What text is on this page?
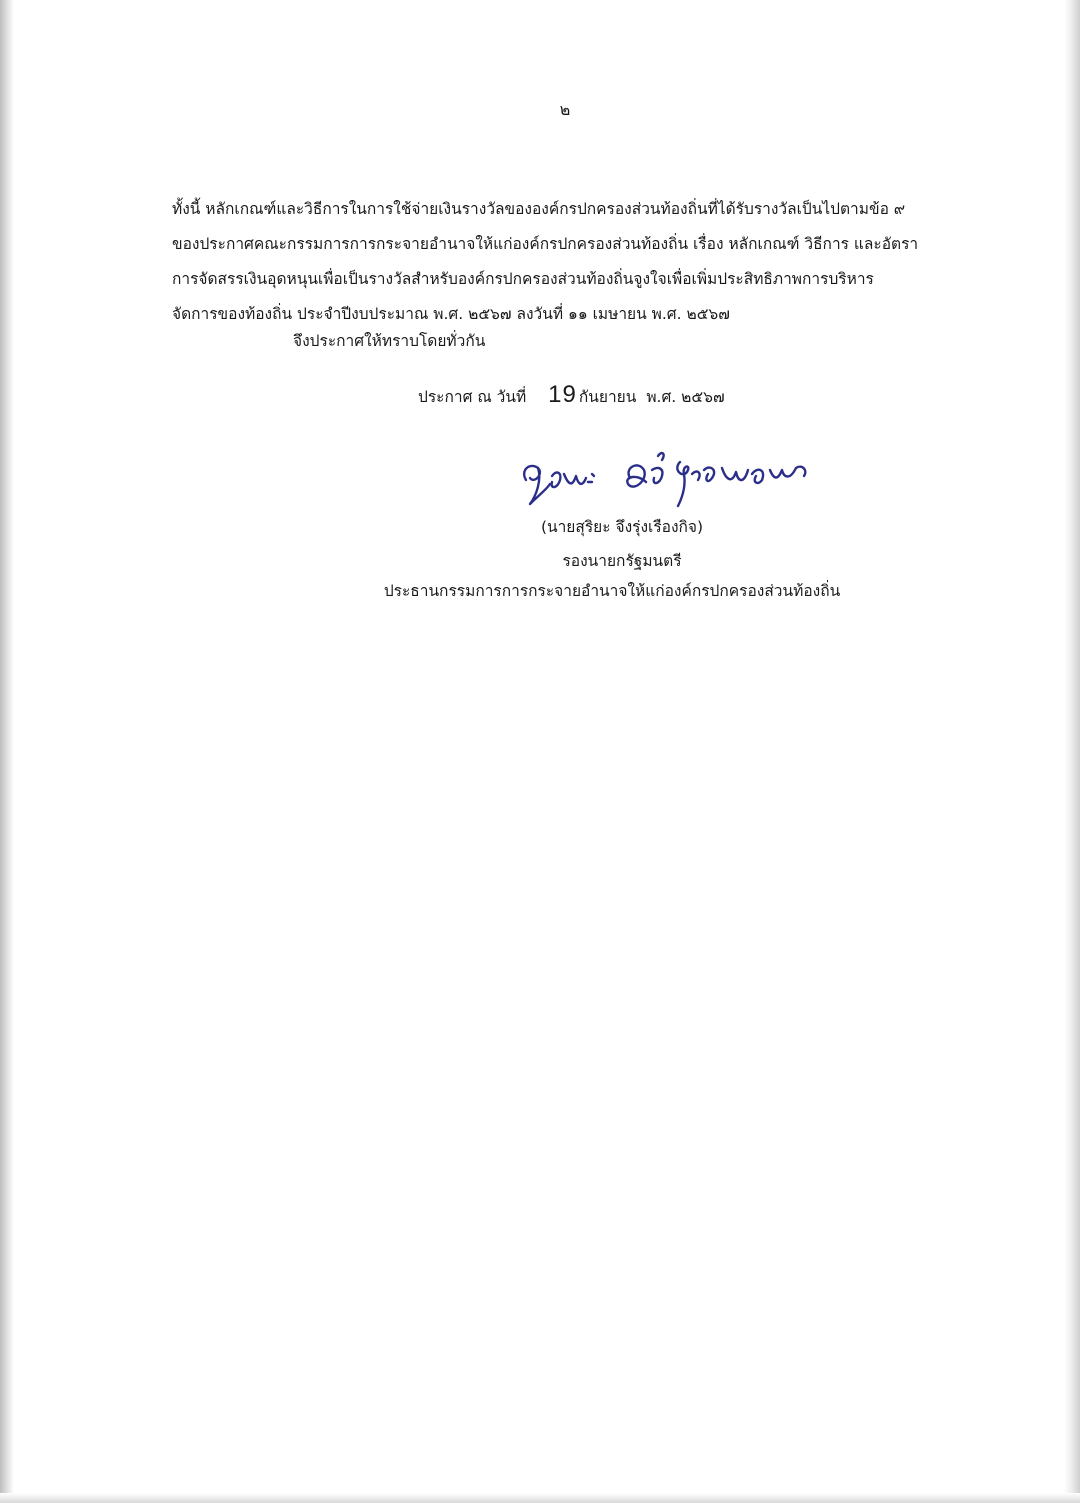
๒
ทั้งนี้ หลักเกณฑ์และวิธีการในการใช้จ่ายเงินรางวัลขององค์กรปกครองส่วนท้องถิ่นที่ได้รับรางวัลเป็นไปตามข้อ ๙
ของประกาศคณะกรรมการการกระจายอำนาจให้แก่องค์กรปกครองส่วนท้องถิ่น เรื่อง หลักเกณฑ์ วิธีการ และอัตรา
การจัดสรรเงินอุดหนุนเพื่อเป็นรางวัลสำหรับองค์กรปกครองส่วนท้องถิ่นจูงใจเพื่อเพิ่มประสิทธิภาพการบริหาร
จัดการของท้องถิ่น ประจำปีงบประมาณ พ.ศ. ๒๕๖๗ ลงวันที่ ๑๑ เมษายน พ.ศ. ๒๕๖๗
จึงประกาศให้ทราบโดยทั่วกัน
ประกาศ ณ วันที่ 19 กันยายน พ.ศ. ๒๕๖๗
(นายสุริยะ จึงรุ่งเรืองกิจ)
รองนายกรัฐมนตรี
ประธานกรรมการการกระจายอำนาจให้แก่องค์กรปกครองส่วนท้องถิ่น
